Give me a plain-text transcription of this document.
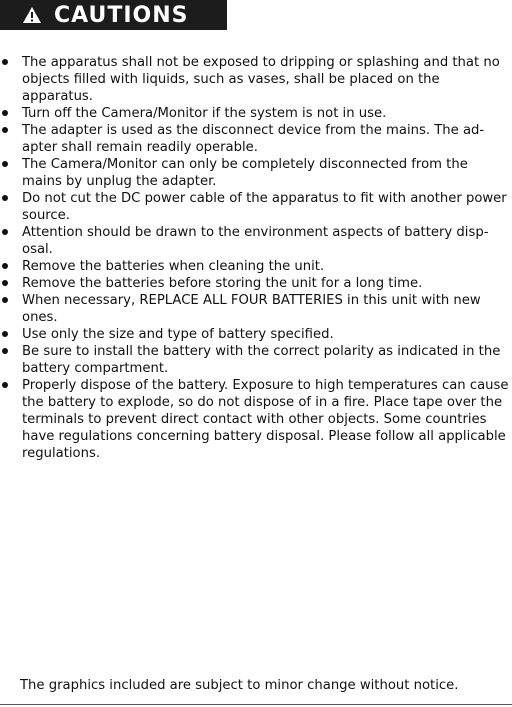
CAUTIONS
The apparatus shall not be exposed to dripping or splashing and that no objects filled with liquids, such as vases, shall be placed on the apparatus.
Turn off the Camera/Monitor if the system is not in use.
The adapter is used as the disconnect device from the mains. The ad-apter shall remain readily operable.
The Camera/Monitor can only be completely disconnected from the mains by unplug the adapter.
Do not cut the DC power cable of the apparatus to fit with another power source.
Attention should be drawn to the environment aspects of battery disp-osal.
Remove the batteries when cleaning the unit.
Remove the batteries before storing the unit for a long time.
When necessary, REPLACE ALL FOUR BATTERIES in this unit with new ones.
Use only the size and type of battery specified.
Be sure to install the battery with the correct polarity as indicated in the battery compartment.
Properly dispose of the battery. Exposure to high temperatures can cause the battery to explode, so do not dispose of in a fire. Place tape over the terminals to prevent direct contact with other objects. Some countries have regulations concerning battery disposal. Please follow all applicable regulations.
The graphics included are subject to minor change without notice.
